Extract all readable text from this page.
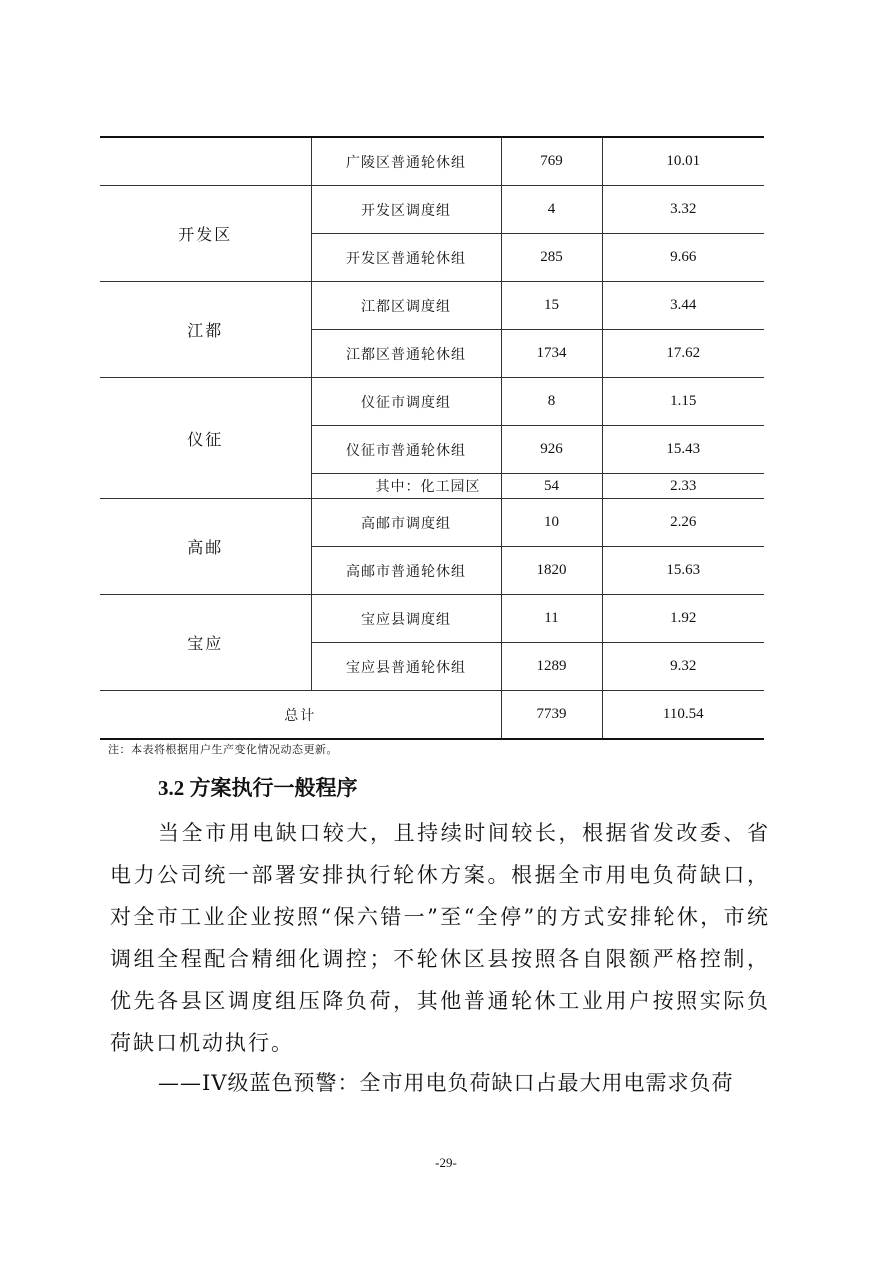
	广陵区普通轮休组	769	10.01
开发区	开发区调度组	4	3.32
	开发区普通轮休组	285	9.66
江都	江都区调度组	15	3.44
	江都区普通轮休组	1734	17.62
仪征	仪征市调度组	8	1.15
	仪征市普通轮休组	926	15.43
	其中：化工园区	54	2.33
高邮	高邮市调度组	10	2.26
	高邮市普通轮休组	1820	15.63
宝应	宝应县调度组	11	1.92
	宝应县普通轮休组	1289	9.32
总计		7739	110.54
注：本表将根据用户生产变化情况动态更新。
3.2 方案执行一般程序

当全市用电缺口较大，且持续时间较长，根据省发改委、省电力公司统一部署安排执行轮休方案。根据全市用电负荷缺口，对全市工业企业按照“保六错一”至“全停”的方式安排轮休，市统调组全程配合精细化调控；不轮休区县按照各自限额严格控制，优先各县区调度组压降负荷，其他普通轮休工业用户按照实际负荷缺口机动执行。

——IV级蓝色预警：全市用电负荷缺口占最大用电需求负荷

-29-
